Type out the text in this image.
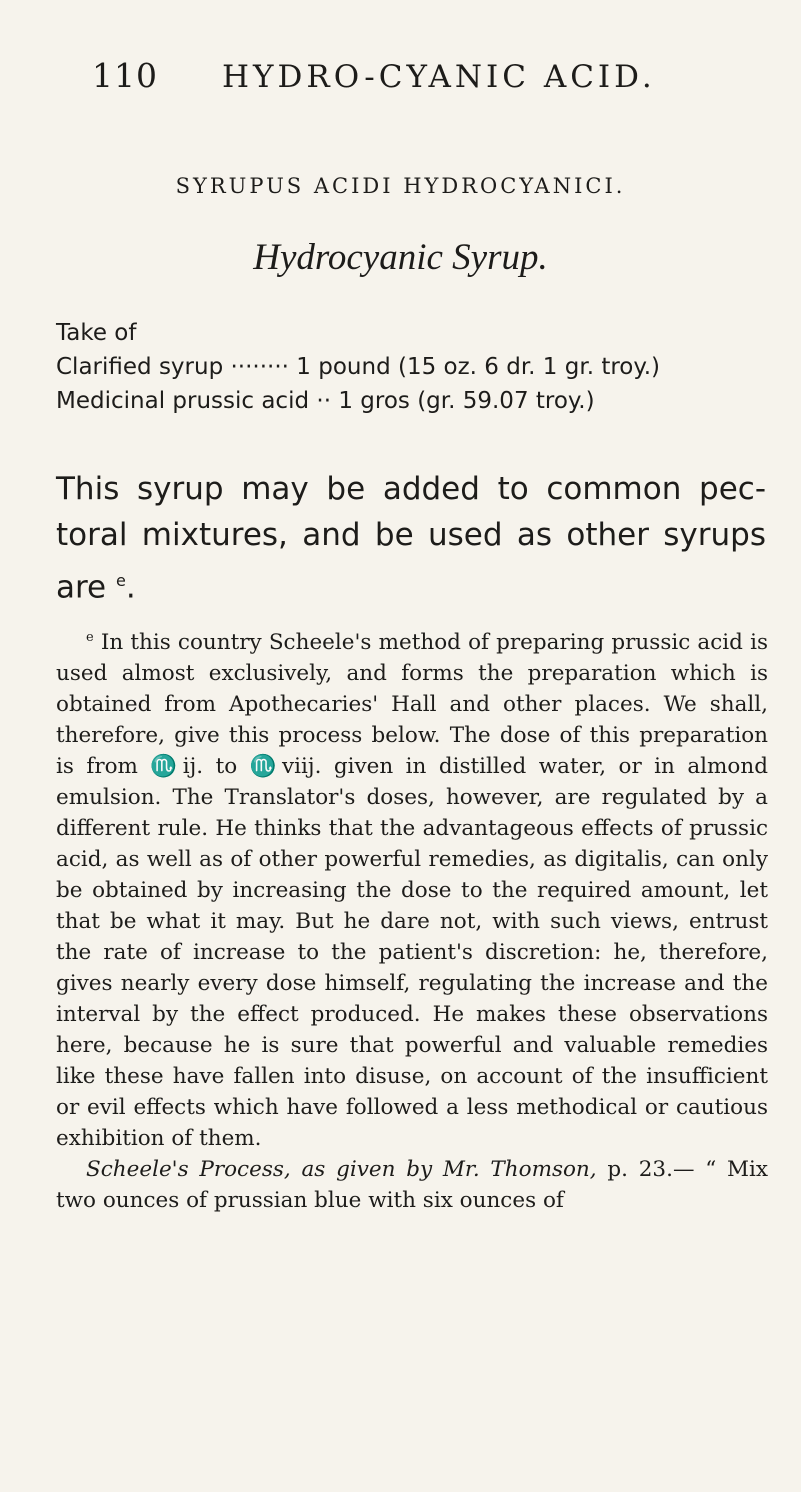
110	HYDRO-CYANIC ACID.
SYRUPUS ACIDI HYDROCYANICI.
Hydrocyanic Syrup.
Take of
Clarified syrup ········ 1 pound (15 oz. 6 dr. 1 gr. troy.)
Medicinal prussic acid ·· 1 gros (gr. 59.07 troy.)
This syrup may be added to common pectoral mixtures, and be used as other syrups are $^e$.

$^e$ In this country Scheele's method of preparing prussic acid is used almost exclusively, and forms the preparation which is obtained from Apothecaries' Hall and other places. We shall, therefore, give this process below. The dose of this preparation is from ♏ij. to ♏viij. given in distilled water, or in almond emulsion. The Translator's doses, however, are regulated by a different rule. He thinks that the advantageous effects of prussic acid, as well as of other powerful remedies, as digitalis, can only be obtained by increasing the dose to the required amount, let that be what it may. But he dare not, with such views, entrust the rate of increase to the patient's discretion: he, therefore, gives nearly every dose himself, regulating the increase and the interval by the effect produced. He makes these observations here, because he is sure that powerful and valuable remedies like these have fallen into disuse, on account of the insufficient or evil effects which have followed a less methodical or cautious exhibition of them.

Scheele's Process, as given by Mr. Thomson, p. 23.— “ Mix two ounces of prussian blue with six ounces of
